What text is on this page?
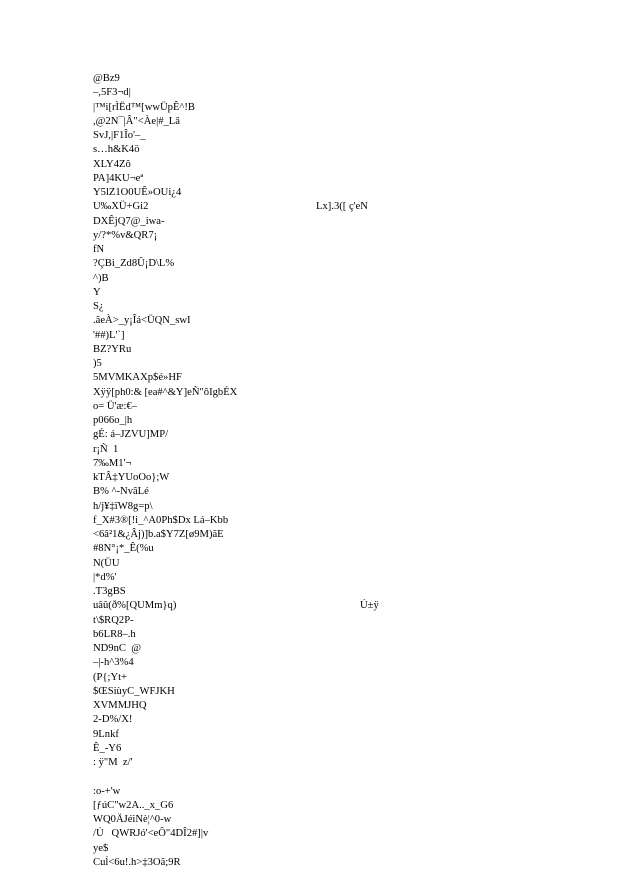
@Bz9
–,5F3¬d|
|™i[rÌËd™[wwÜpÊ^!B
,@2N¯|Â"<Àe|#_Lâ
SvJ,|F1Îo'–_
s…h&K4ö
XLY4Zô
PA]4KU¬eª
Y5lZ1O0UÊ»OUi¿4
U‰XÜ+Gi2	Lx].3([ ç'eN
DXÊjQ7@_iwa-
y/?*%v&QR7¡
fN
?ÇBi_Zd8Û¡D\L%
^)B
Y
S¿
.ãeÀ>_y¡Îá<ÜQN_swI
'##)L'`]
BZ?YRu
)5
5MVMKAXp$é»HF
Xÿÿ[ph0:& [ea#^&Y]eÑ"ôIgbÉX
o= Ü'æ:€–
p066o_|h
gÉ: á–JZVU]MP/
r¡Ñ  1
7‰M1'¬
kTÂ‡YUoOo};W
B% ^-NvâLé
h/j¥‡ïW8g=p\
f_X#3®[!i_^A0Ph$Dx Lá–Kbb
<6â²1&¿Âj)]b.a$Y7Z[ø9M)ãE
#8N°¡*_Ê(%u
N(ÜU
|*d%'
.T3gBS
uâû(ð%[QUMm}q)	Ú±ÿ
t\$RQ2P-
b6LR8–.h
ND9nC  @
–|-h^3%4
(P{;Yt+
$ŒSiùyC_WFJKH
XVMMJHQ
2-D%/X!
9Lnkf
Ê_-Y6
: ÿ"M  z/'
:o-+'w
[ƒúC"w2A.._x_G6
WQ0ÄJéiNè¦^0-w
/Ú   QWRJó'<eÔ"4DÎ2#]|v
ye$
Cuĺ<6u!.h>‡3Oã;9R
